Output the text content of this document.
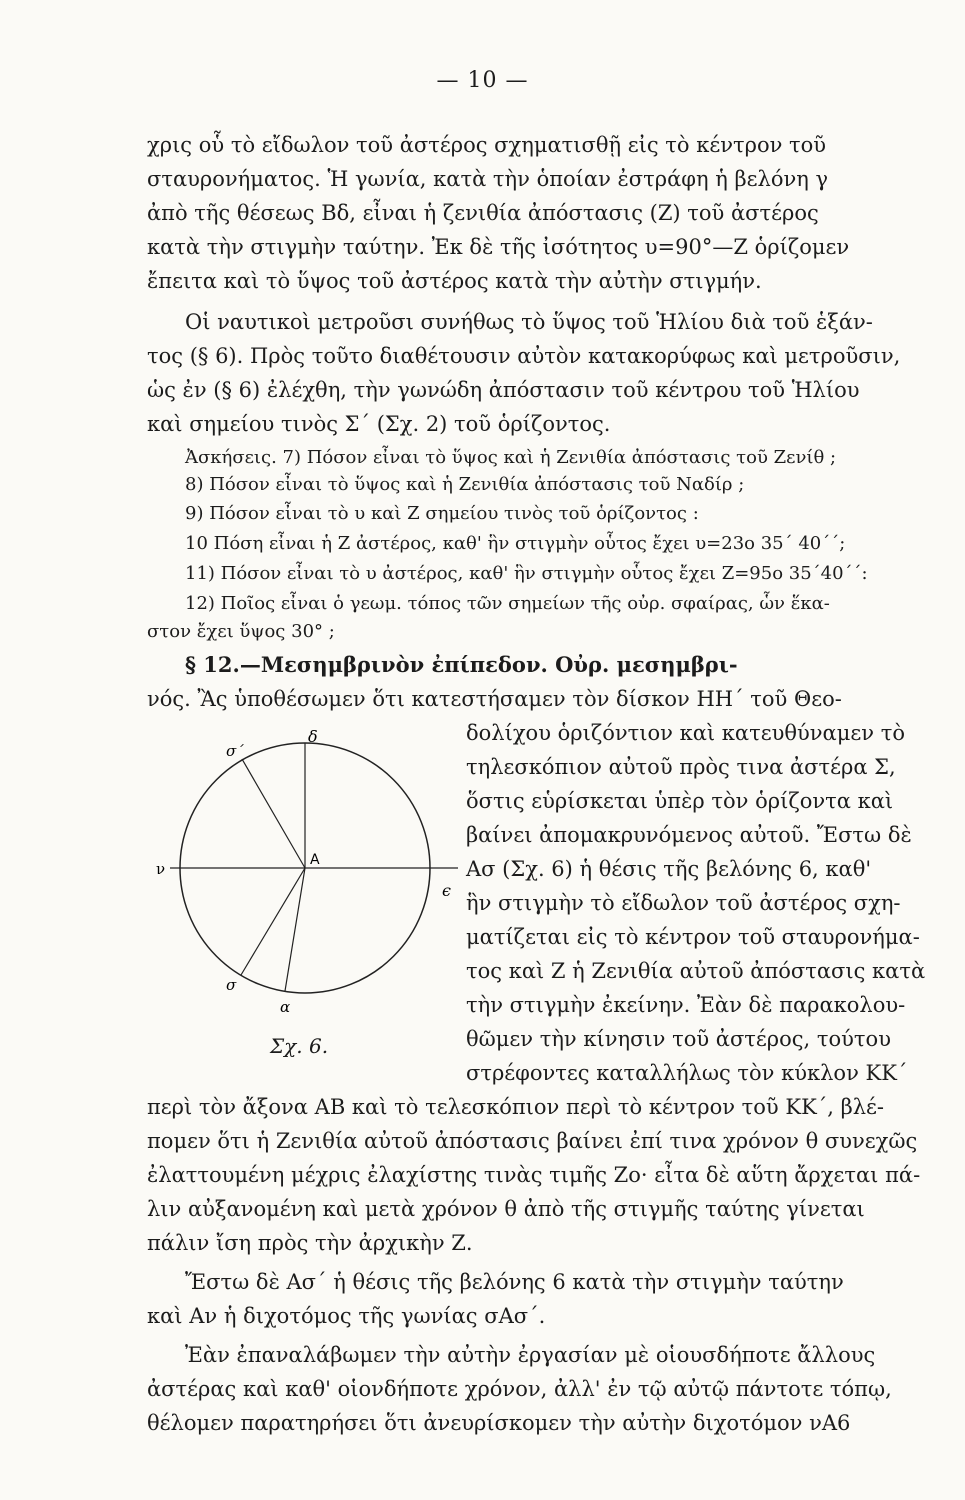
— 10 —
χρις οὗ τὸ εἴδωλον τοῦ ἀστέρος σχηματισθῇ εἰς τὸ κέντρον τοῦ
σταυρονήματος. Ἡ γωνία, κατὰ τὴν ὁποίαν ἐστράφη ἡ βελόνη γ
ἀπὸ τῆς θέσεως Βδ, εἶναι ἡ ζενιθία ἀπόστασις (Ζ) τοῦ ἀστέρος
κατὰ τὴν στιγμὴν ταύτην. Ἐκ δὲ τῆς ἰσότητος υ=90°—Ζ ὁρίζομεν
ἔπειτα καὶ τὸ ὕψος τοῦ ἀστέρος κατὰ τὴν αὐτὴν στιγμήν.
Οἱ ναυτικοὶ μετροῦσι συνήθως τὸ ὕψος τοῦ Ἡλίου διὰ τοῦ ἑξάν-
τος (§ 6). Πρὸς τοῦτο διαθέτουσιν αὐτὸν κατακορύφως καὶ μετροῦσιν,
ὡς ἐν (§ 6) ἐλέχθη, τὴν γωνώδη ἀπόστασιν τοῦ κέντρου τοῦ Ἡλίου
καὶ σημείου τινὸς Σ΄ (Σχ. 2) τοῦ ὁρίζοντος.
Ἀσκήσεις. 7) Πόσον εἶναι τὸ ὕψος καὶ ἡ Ζενιθία ἀπόστασις τοῦ Ζενίθ ;
8) Πόσον εἶναι τὸ ὕψος καὶ ἡ Ζενιθία ἀπόστασις τοῦ Ναδίρ ;
9) Πόσον εἶναι τὸ υ καὶ Ζ σημείου τινὸς τοῦ ὁρίζοντος :
10 Πόση εἶναι ἡ Ζ ἀστέρος, καθ' ἣν στιγμὴν οὗτος ἔχει υ=23ο 35΄ 40΄΄;
11) Πόσον εἶναι τὸ υ ἀστέρος, καθ' ἣν στιγμὴν οὗτος ἔχει Ζ=95ο 35΄40΄΄:
12) Ποῖος εἶναι ὁ γεωμ. τόπος τῶν σημείων τῆς οὐρ. σφαίρας, ὧν ἕκα-
στον ἔχει ὕψος 30° ;
§ 12.—Μεσημβρινὸν ἐπίπεδον. Οὐρ. μεσημβρι-
νός. Ἂς ὑποθέσωμεν ὅτι κατεστήσαμεν τὸν δίσκον ΗΗ΄ τοῦ Θεο-
δολίχου ὁριζόντιον καὶ κατευθύναμεν τὸ
τηλεσκόπιον αὐτοῦ πρὸς τινα ἀστέρα Σ,
ὅστις εὑρίσκεται ὑπὲρ τὸν ὁρίζοντα καὶ
βαίνει ἀπομακρυνόμενος αὐτοῦ. Ἔστω δὲ
Ασ (Σχ. 6) ἡ θέσις τῆς βελόνης 6, καθ'
ἣν στιγμὴν τὸ εἴδωλον τοῦ ἀστέρος σχη-
ματίζεται εἰς τὸ κέντρον τοῦ σταυρονήμα-
τος καὶ Ζ ἡ Ζενιθία αὐτοῦ ἀπόστασις κατὰ
τὴν στιγμὴν ἐκείνην. Ἐὰν δὲ παρακολου-
θῶμεν τὴν κίνησιν τοῦ ἀστέρος, τούτου
στρέφοντες καταλλήλως τὸν κύκλον ΚΚ΄
περὶ τὸν ἄξονα ΑΒ καὶ τὸ τελεσκόπιον περὶ τὸ κέντρον τοῦ ΚΚ΄, βλέ-
πομεν ὅτι ἡ Ζενιθία αὐτοῦ ἀπόστασις βαίνει ἐπί τινα χρόνον θ συνεχῶς
ἐλαττουμένη μέχρις ἐλαχίστης τινὰς τιμῆς Ζο· εἶτα δὲ αὕτη ἄρχεται πά-
λιν αὐξανομένη καὶ μετὰ χρόνον θ ἀπὸ τῆς στιγμῆς ταύτης γίνεται
πάλιν ἴση πρὸς τὴν ἀρχικὴν Ζ.
Ἔστω δὲ Ασ΄ ἡ θέσις τῆς βελόνης 6 κατὰ τὴν στιγμὴν ταύτην
καὶ Αν ἡ διχοτόμος τῆς γωνίας σΑσ΄.
Ἐὰν ἐπαναλάβωμεν τὴν αὐτὴν ἐργασίαν μὲ οἱουσδήποτε ἄλλους
ἀστέρας καὶ καθ' οἱονδήποτε χρόνον, ἀλλ' ἐν τῷ αὐτῷ πάντοτε τόπῳ,
θέλομεν παρατηρήσει ὅτι ἀνευρίσκομεν τὴν αὐτὴν διχοτόμον νΑ6
δ
σ΄
ν	Α
ϵ
σ
α
Σχ. 6.
